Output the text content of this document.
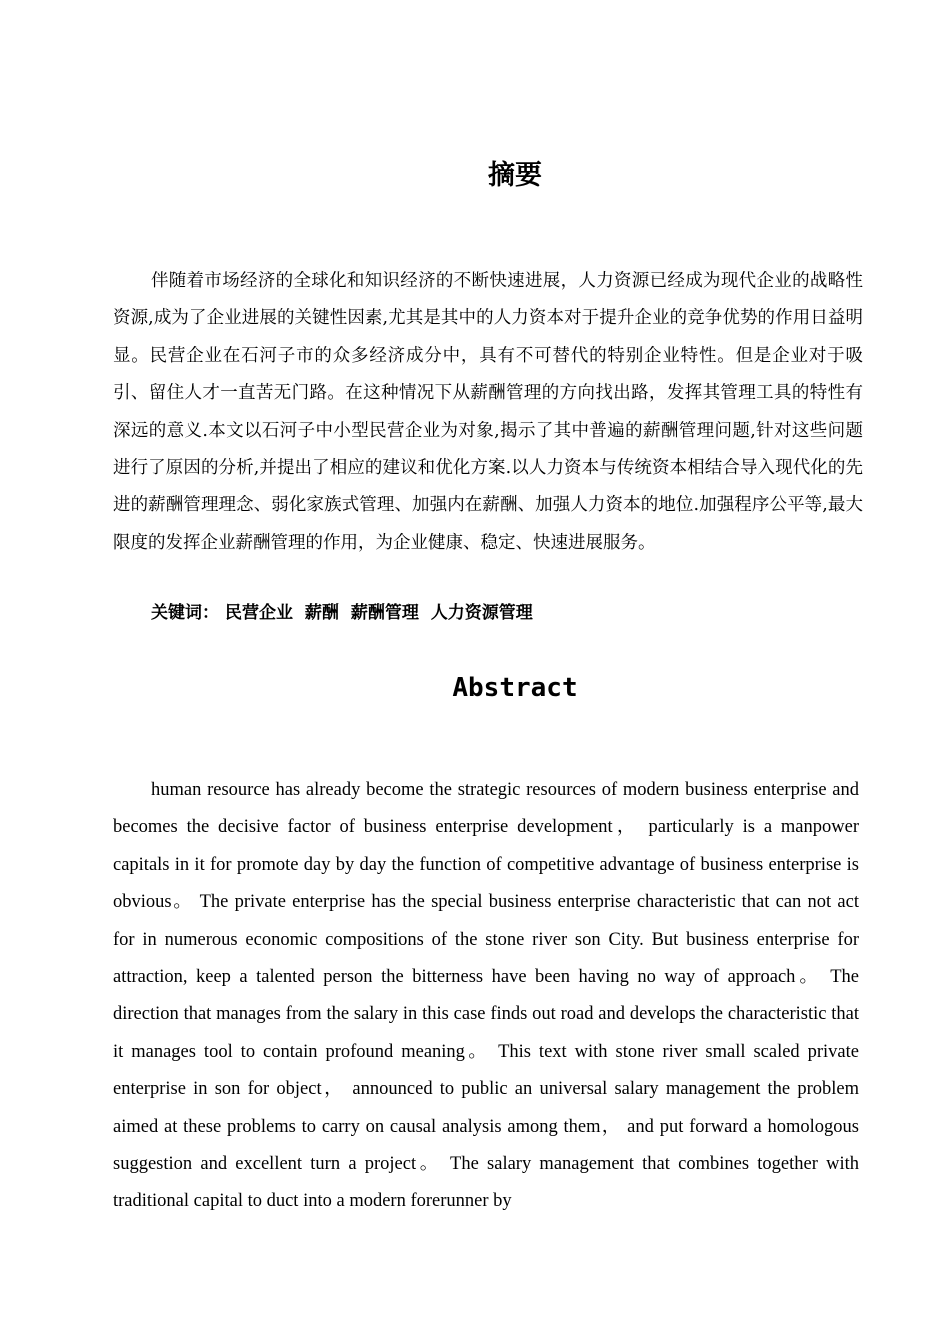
摘要

伴随着市场经济的全球化和知识经济的不断快速进展，人力资源已经成为现代企业的战略性资源,成为了企业进展的关键性因素,尤其是其中的人力资本对于提升企业的竞争优势的作用日益明显。民营企业在石河子市的众多经济成分中，具有不可替代的特别企业特性。但是企业对于吸引、留住人才一直苦无门路。在这种情况下从薪酬管理的方向找出路，发挥其管理工具的特性有深远的意义.本文以石河子中小型民营企业为对象,揭示了其中普遍的薪酬管理问题,针对这些问题进行了原因的分析,并提出了相应的建议和优化方案.以人力资本与传统资本相结合导入现代化的先进的薪酬管理理念、弱化家族式管理、加强内在薪酬、加强人力资本的地位.加强程序公平等,最大限度的发挥企业薪酬管理的作用，为企业健康、稳定、快速进展服务。

关键词： 民营企业 薪酬 薪酬管理 人力资源管理
Abstract

human resource has already become the strategic resources of modern business enterprise and becomes the decisive factor of business enterprise development， particularly is a manpower capitals in it for promote day by day the function of competitive advantage of business enterprise is obvious。 The private enterprise has the special business enterprise characteristic that can not act for in numerous economic compositions of the stone river son City. But business enterprise for attraction, keep a talented person the bitterness have been having no way of approach。 The direction that manages from the salary in this case finds out road and develops the characteristic that it manages tool to contain profound meaning。 This text with stone river small scaled private enterprise in son for object， announced to public an universal salary management the problem aimed at these problems to carry on causal analysis among them， and put forward a homologous suggestion and excellent turn a project。 The salary management that combines together with traditional capital to duct into a modern forerunner by
